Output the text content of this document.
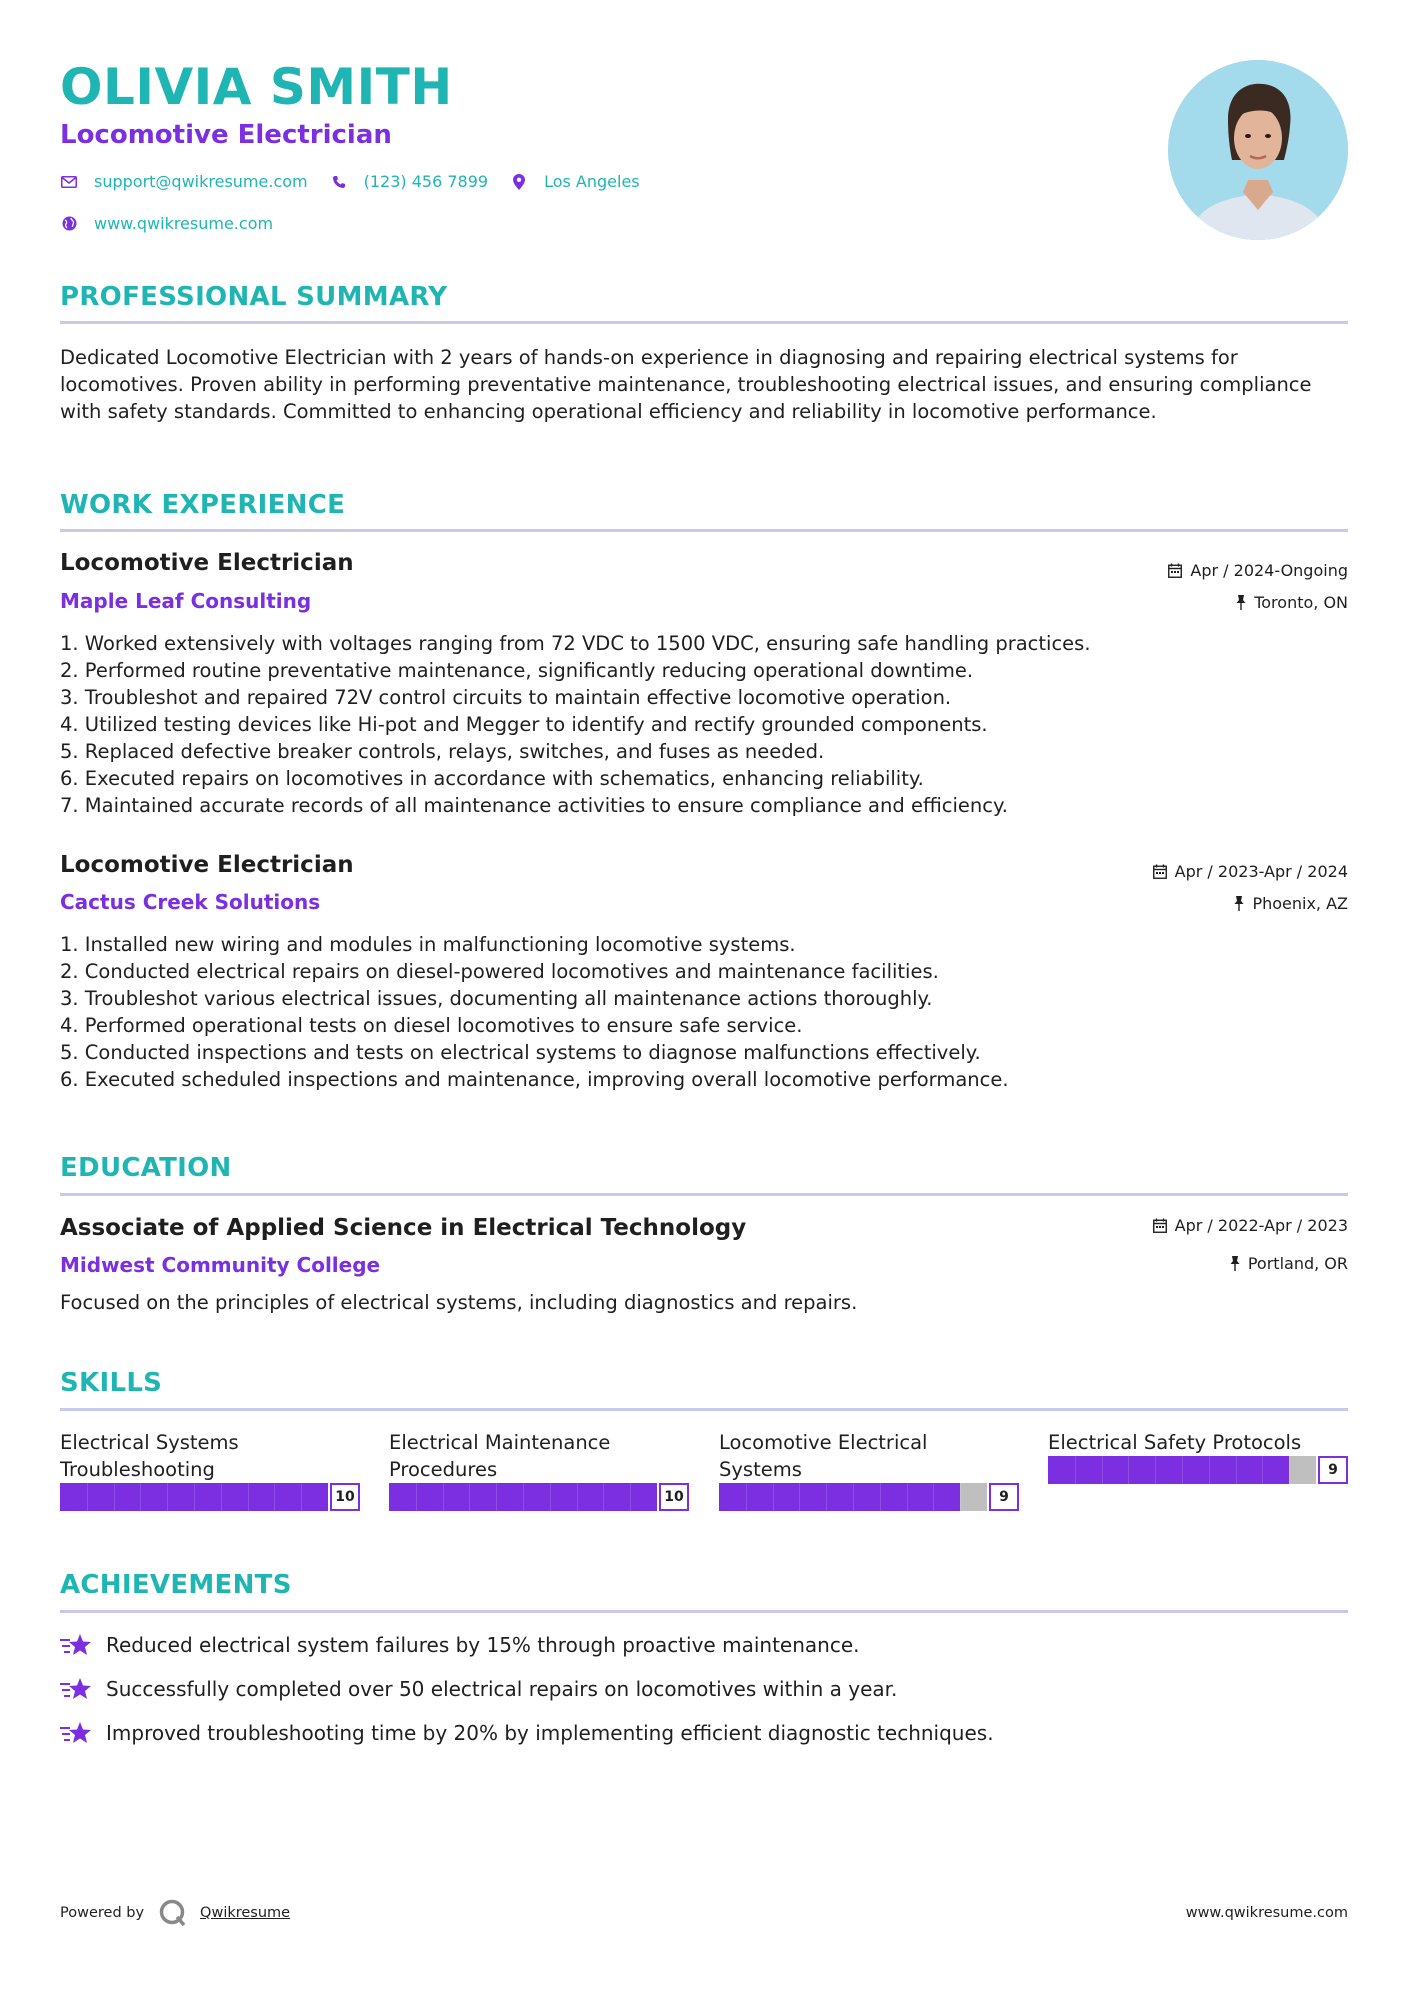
OLIVIA SMITH
Locomotive Electrician
support@qwikresume.com	(123) 456 7899	Los Angeles
www.qwikresume.com
PROFESSIONAL SUMMARY

Dedicated Locomotive Electrician with 2 years of hands-on experience in diagnosing and repairing electrical systems for locomotives. Proven ability in performing preventative maintenance, troubleshooting electrical issues, and ensuring compliance with safety standards. Committed to enhancing operational efficiency and reliability in locomotive performance.

WORK EXPERIENCE
Locomotive Electrician	Apr / 2024-Ongoing
Maple Leaf Consulting	Toronto, ON
1. Worked extensively with voltages ranging from 72 VDC to 1500 VDC, ensuring safe handling practices.
2. Performed routine preventative maintenance, significantly reducing operational downtime.
3. Troubleshot and repaired 72V control circuits to maintain effective locomotive operation.
4. Utilized testing devices like Hi-pot and Megger to identify and rectify grounded components.
5. Replaced defective breaker controls, relays, switches, and fuses as needed.
6. Executed repairs on locomotives in accordance with schematics, enhancing reliability.
7. Maintained accurate records of all maintenance activities to ensure compliance and efficiency.
Locomotive Electrician	Apr / 2023-Apr / 2024
Cactus Creek Solutions	Phoenix, AZ
1. Installed new wiring and modules in malfunctioning locomotive systems.
2. Conducted electrical repairs on diesel-powered locomotives and maintenance facilities.
3. Troubleshot various electrical issues, documenting all maintenance actions thoroughly.
4. Performed operational tests on diesel locomotives to ensure safe service.
5. Conducted inspections and tests on electrical systems to diagnose malfunctions effectively.
6. Executed scheduled inspections and maintenance, improving overall locomotive performance.
EDUCATION
Associate of Applied Science in Electrical Technology	Apr / 2022-Apr / 2023
Midwest Community College	Portland, OR

Focused on the principles of electrical systems, including diagnostics and repairs.

SKILLS

Electrical Systems
Troubleshooting

10

Electrical Maintenance
Procedures

10

Locomotive Electrical
Systems

9

Electrical Safety Protocols

9
ACHIEVEMENTS
Reduced electrical system failures by 15% through proactive maintenance.
Successfully completed over 50 electrical repairs on locomotives within a year.
Improved troubleshooting time by 20% by implementing efficient diagnostic techniques.
Powered by	Qwikresume	www.qwikresume.com
